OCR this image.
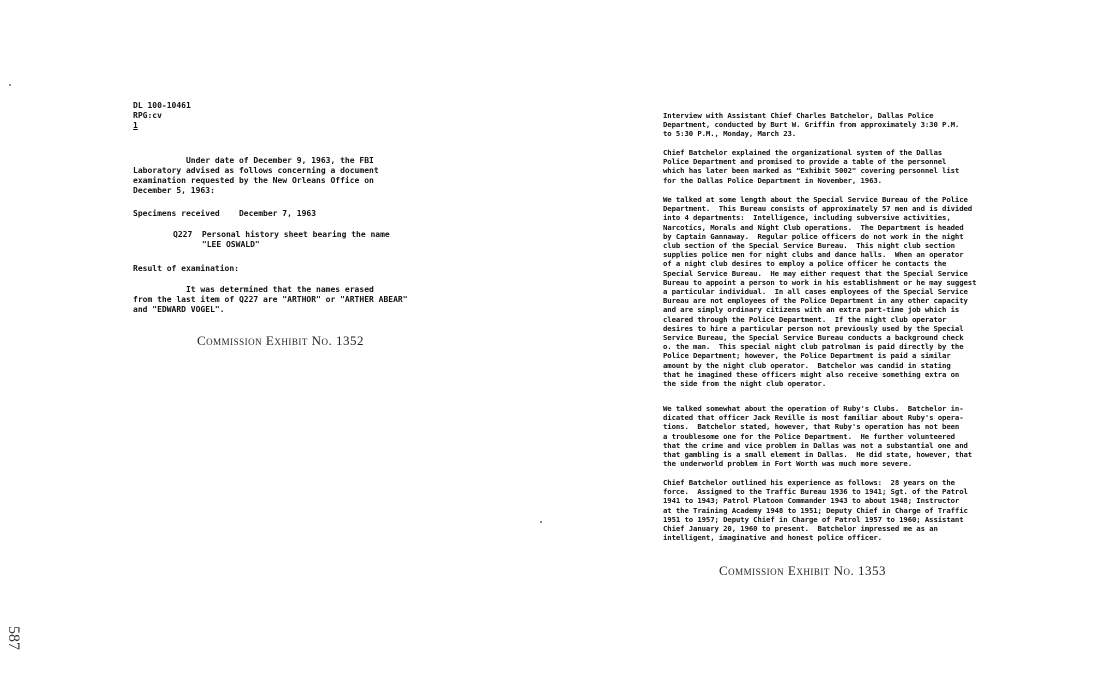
DL 100-10461

RPG:cv

1

Under date of December 9, 1963, the FBI
Laboratory advised as follows concerning a document
examination requested by the New Orleans Office on
December 5, 1963:

Specimens received    December 7, 1963

Q227  Personal history sheet bearing the name
"LEE OSWALD"

Result of examination:

It was determined that the names erased
from the last item of Q227 are "ARTHOR" or "ARTHER ABEAR"
and "EDWARD VOGEL".

Commission Exhibit No. 1352
587

Interview with Assistant Chief Charles Batchelor, Dallas Police
Department, conducted by Burt W. Griffin from approximately 3:30 P.M.
to 5:30 P.M., Monday, March 23.

Chief Batchelor explained the organizational system of the Dallas
Police Department and promised to provide a table of the personnel
which has later been marked as "Exhibit 5002" covering personnel list
for the Dallas Police Department in November, 1963.

We talked at some length about the Special Service Bureau of the Police
Department.  This Bureau consists of approximately 57 men and is divided
into 4 departments:  Intelligence, including subversive activities,
Narcotics, Morals and Night Club operations.  The Department is headed
by Captain Gannaway.  Regular police officers do not work in the night
club section of the Special Service Bureau.  This night club section
supplies police men for night clubs and dance halls.  When an operator
of a night club desires to employ a police officer he contacts the
Special Service Bureau.  He may either request that the Special Service
Bureau to appoint a person to work in his establishment or he may suggest
a particular individual.  In all cases employees of the Special Service
Bureau are not employees of the Police Department in any other capacity
and are simply ordinary citizens with an extra part-time job which is
cleared through the Police Department.  If the night club operator
desires to hire a particular person not previously used by the Special
Service Bureau, the Special Service Bureau conducts a background check
o. the man.  This special night club patrolman is paid directly by the
Police Department; however, the Police Department is paid a similar
amount by the night club operator.  Batchelor was candid in stating
that he imagined these officers might also receive something extra on
the side from the night club operator.

We talked somewhat about the operation of Ruby's Clubs.  Batchelor in-
dicated that officer Jack Reville is most familiar about Ruby's opera-
tions.  Batchelor stated, however, that Ruby's operation has not been
a troublesome one for the Police Department.  He further volunteered
that the crime and vice problem in Dallas was not a substantial one and
that gambling is a small element in Dallas.  He did state, however, that
the underworld problem in Fort Worth was much more severe.

Chief Batchelor outlined his experience as follows:  28 years on the
force.  Assigned to the Traffic Bureau 1936 to 1941; Sgt. of the Patrol
1941 to 1943; Patrol Platoon Commander 1943 to about 1948; Instructor
at the Training Academy 1948 to 1951; Deputy Chief in Charge of Traffic
1951 to 1957; Deputy Chief in Charge of Patrol 1957 to 1960; Assistant
Chief January 20, 1960 to present.  Batchelor impressed me as an
intelligent, imaginative and honest police officer.

Commission Exhibit No. 1353
